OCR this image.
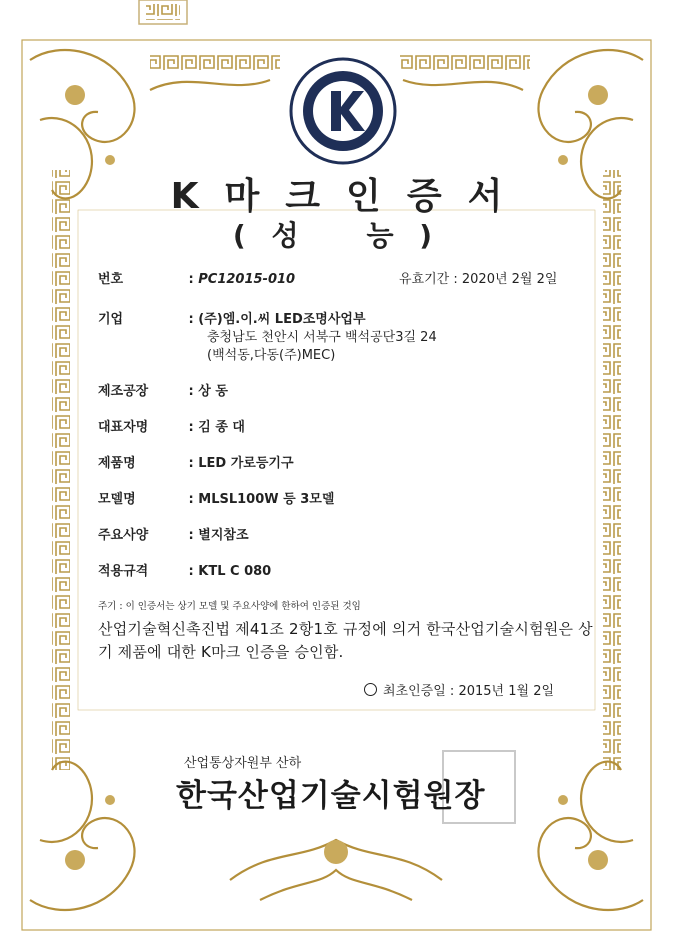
K마크인증서
( 성 능 )
번호	: PC12015-010	유효기간 : 2020년 2월 2일
기업	: (주)엠.이.씨 LED조명사업부
충청남도 천안시 서북구 백석공단3길 24
(백석동,다동(주)MEC)
제조공장	: 상 동
대표자명	: 김 종 대
제품명	: LED 가로등기구
모델명	: MLSL100W 등 3모델
주요사양	: 별지참조
적용규격	: KTL C 080
주기 : 이 인증서는 상기 모델 및 주요사양에 한하여 인증된 것임
산업기술혁신촉진법 제41조 2항1호 규정에 의거 한국산업기술시험원은 상기 제품에 대한 K마크 인증을 승인함.
최초인증일 : 2015년 1월 2일
산업통상자원부 산하
한국산업기술시험원장
